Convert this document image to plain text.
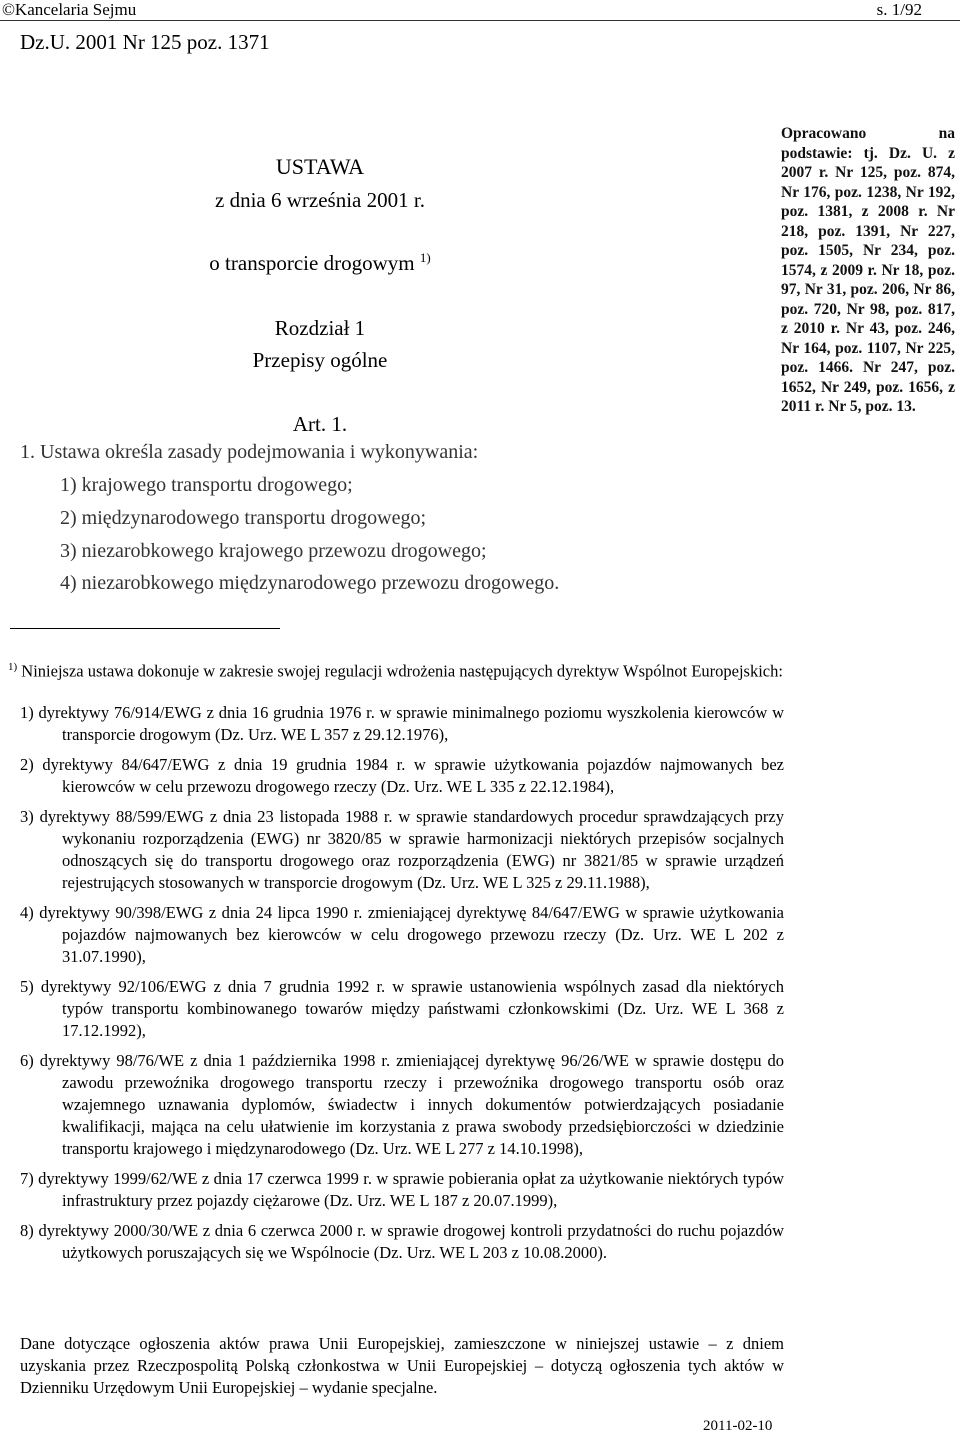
©Kancelaria Sejmu	s. 1/92
Dz.U. 2001 Nr 125 poz. 1371
USTAWA
z dnia 6 września 2001 r.
o transporcie drogowym $^{1)}$
Rozdział 1
Przepisy ogólne
Art. 1.
1. Ustawa określa zasady podejmowania i wykonywania:
1) krajowego transportu drogowego;
2) międzynarodowego transportu drogowego;
3) niezarobkowego krajowego przewozu drogowego;
4) niezarobkowego międzynarodowego przewozu drogowego.
Opracowano na podstawie: tj. Dz. U. z 2007 r. Nr 125, poz. 874, Nr 176, poz. 1238, Nr 192, poz. 1381, z 2008 r. Nr 218, poz. 1391, Nr 227, poz. 1505, Nr 234, poz. 1574, z 2009 r. Nr 18, poz. 97, Nr 31, poz. 206, Nr 86, poz. 720, Nr 98, poz. 817, z 2010 r. Nr 43, poz. 246, Nr 164, poz. 1107, Nr 225, poz. 1466. Nr 247, poz. 1652, Nr 249, poz. 1656, z 2011 r. Nr 5, poz. 13.
$^{1)}$ Niniejsza ustawa dokonuje w zakresie swojej regulacji wdrożenia następujących dyrektyw Wspólnot Europejskich:
1) dyrektywy 76/914/EWG z dnia 16 grudnia 1976 r. w sprawie minimalnego poziomu wyszkolenia kierowców w transporcie drogowym (Dz. Urz. WE L 357 z 29.12.1976),
2) dyrektywy 84/647/EWG z dnia 19 grudnia 1984 r. w sprawie użytkowania pojazdów najmowanych bez kierowców w celu przewozu drogowego rzeczy (Dz. Urz. WE L 335 z 22.12.1984),
3) dyrektywy 88/599/EWG z dnia 23 listopada 1988 r. w sprawie standardowych procedur sprawdzających przy wykonaniu rozporządzenia (EWG) nr 3820/85 w sprawie harmonizacji niektórych przepisów socjalnych odnoszących się do transportu drogowego oraz rozporządzenia (EWG) nr 3821/85 w sprawie urządzeń rejestrujących stosowanych w transporcie drogowym (Dz. Urz. WE L 325 z 29.11.1988),
4) dyrektywy 90/398/EWG z dnia 24 lipca 1990 r. zmieniającej dyrektywę 84/647/EWG w sprawie użytkowania pojazdów najmowanych bez kierowców w celu drogowego przewozu rzeczy (Dz. Urz. WE L 202 z 31.07.1990),
5) dyrektywy 92/106/EWG z dnia 7 grudnia 1992 r. w sprawie ustanowienia wspólnych zasad dla niektórych typów transportu kombinowanego towarów między państwami członkowskimi (Dz. Urz. WE L 368 z 17.12.1992),
6) dyrektywy 98/76/WE z dnia 1 października 1998 r. zmieniającej dyrektywę 96/26/WE w sprawie dostępu do zawodu przewoźnika drogowego transportu rzeczy i przewoźnika drogowego transportu osób oraz wzajemnego uznawania dyplomów, świadectw i innych dokumentów potwierdzających posiadanie kwalifikacji, mająca na celu ułatwienie im korzystania z prawa swobody przedsiębiorczości w dziedzinie transportu krajowego i międzynarodowego (Dz. Urz. WE L 277 z 14.10.1998),
7) dyrektywy 1999/62/WE z dnia 17 czerwca 1999 r. w sprawie pobierania opłat za użytkowanie niektórych typów infrastruktury przez pojazdy ciężarowe (Dz. Urz. WE L 187 z 20.07.1999),
8) dyrektywy 2000/30/WE z dnia 6 czerwca 2000 r. w sprawie drogowej kontroli przydatności do ruchu pojazdów użytkowych poruszających się we Wspólnocie (Dz. Urz. WE L 203 z 10.08.2000).
Dane dotyczące ogłoszenia aktów prawa Unii Europejskiej, zamieszczone w niniejszej ustawie – z dniem uzyskania przez Rzeczpospolitą Polską członkostwa w Unii Europejskiej – dotyczą ogłoszenia tych aktów w Dzienniku Urzędowym Unii Europejskiej – wydanie specjalne.
2011-02-10
